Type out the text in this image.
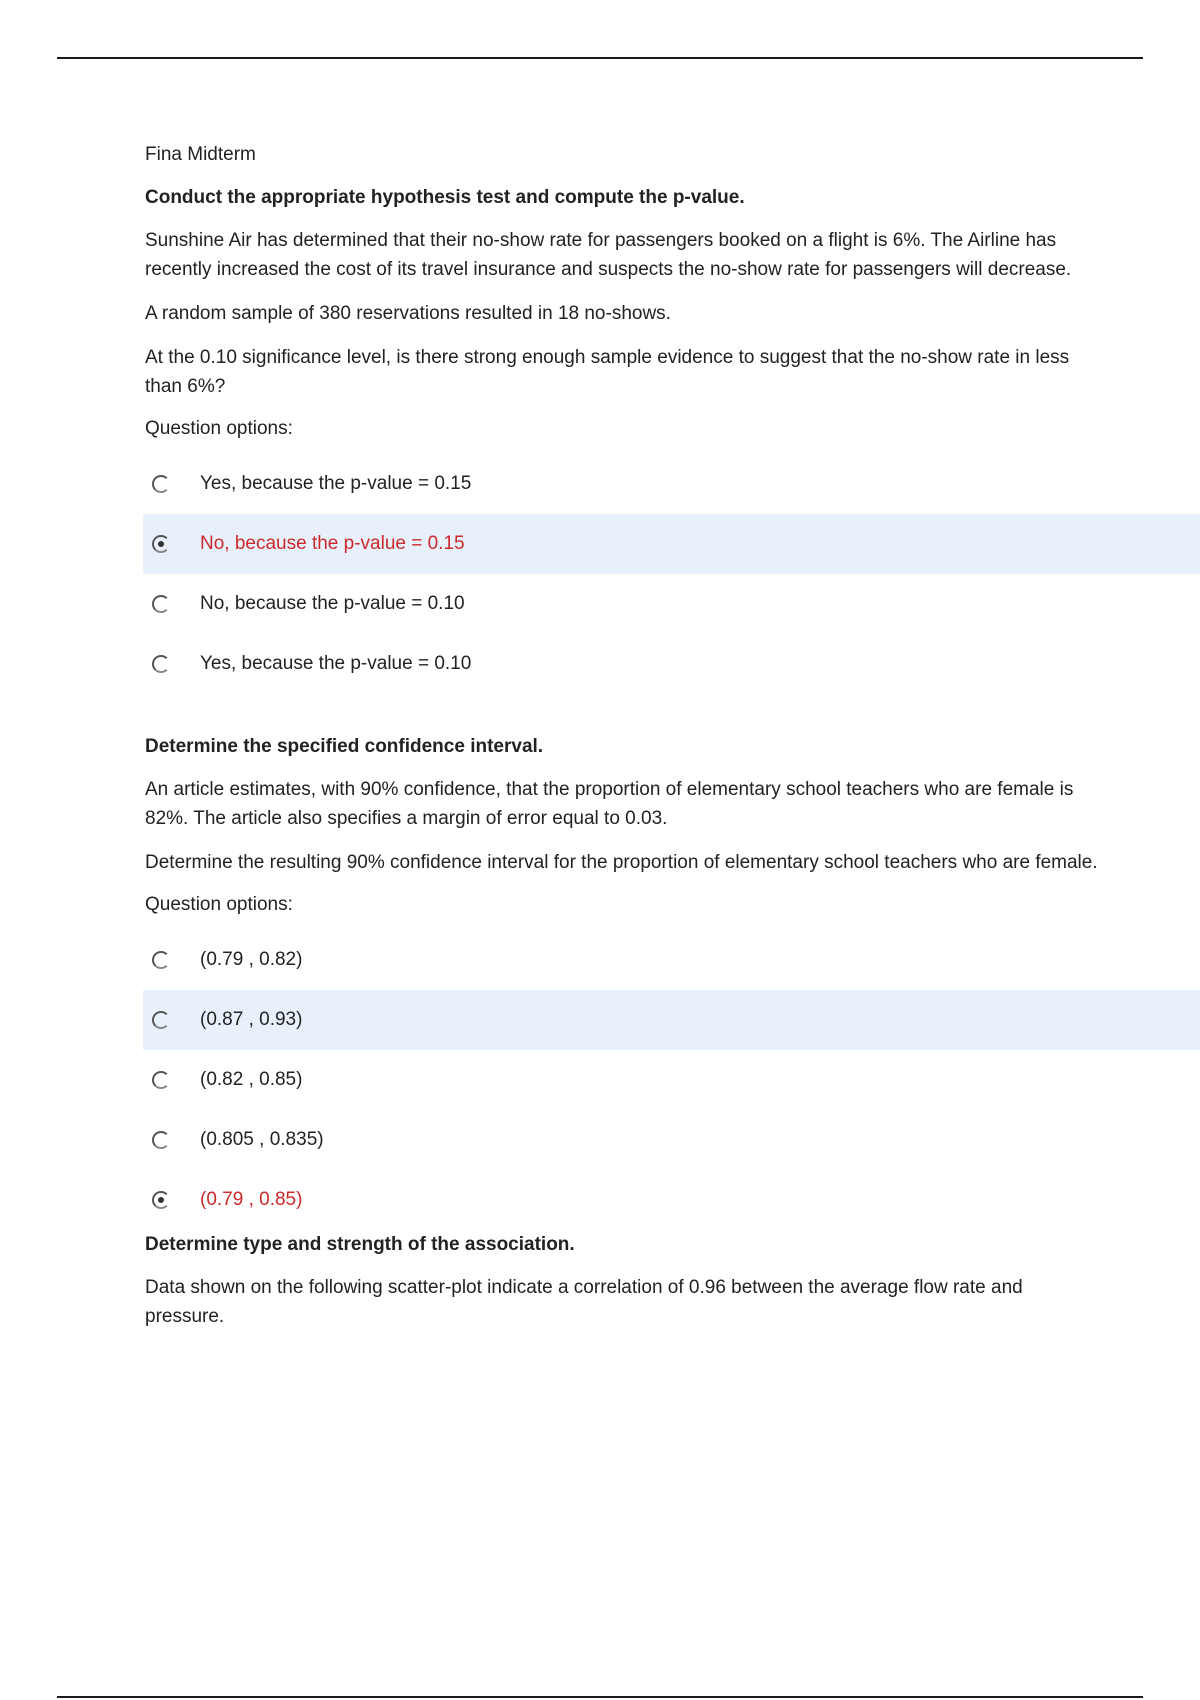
Fina Midterm
Conduct the appropriate hypothesis test and compute the p-value.
Sunshine Air has determined that their no-show rate for passengers booked on a flight is 6%. The Airline has recently increased the cost of its travel insurance and suspects the no-show rate for passengers will decrease.
A random sample of 380 reservations resulted in 18 no-shows.
At the 0.10 significance level, is there strong enough sample evidence to suggest that the no-show rate in less than 6%?
Question options:
Yes, because the p-value = 0.15
No, because the p-value = 0.15
No, because the p-value = 0.10
Yes, because the p-value = 0.10
Determine the specified confidence interval.
An article estimates, with 90% confidence, that the proportion of elementary school teachers who are female is 82%. The article also specifies a margin of error equal to 0.03.
Determine the resulting 90% confidence interval for the proportion of elementary school teachers who are female.
Question options:
(0.79 , 0.82)
(0.87 , 0.93)
(0.82 , 0.85)
(0.805 , 0.835)
(0.79 , 0.85)
Determine type and strength of the association.
Data shown on the following scatter-plot indicate a correlation of 0.96 between the average flow rate and pressure.
